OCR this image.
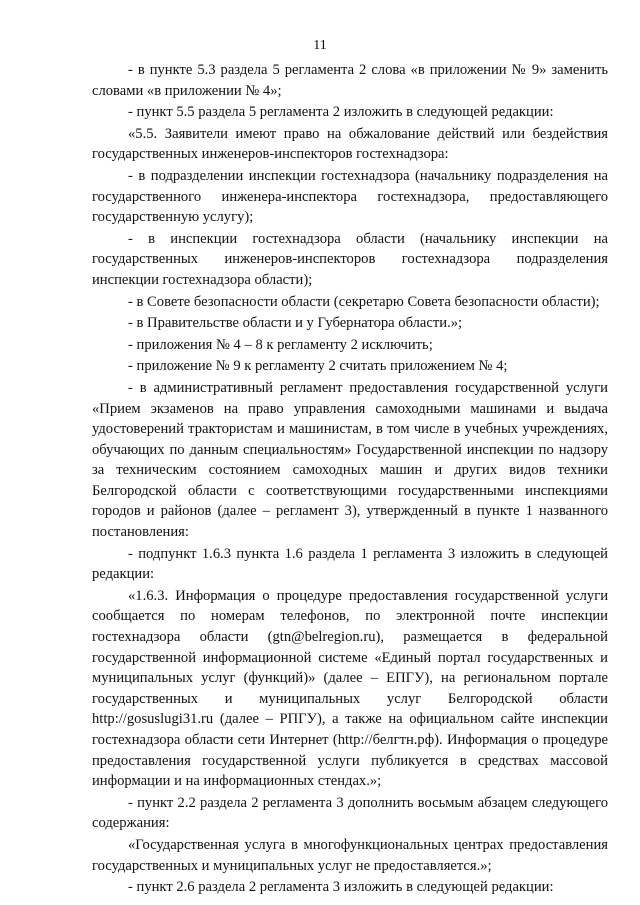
11

- в пункте 5.3 раздела 5 регламента 2 слова «в приложении № 9» заменить словами «в приложении № 4»;

- пункт 5.5 раздела 5 регламента 2 изложить в следующей редакции:

«5.5. Заявители имеют право на обжалование действий или бездействия государственных инженеров-инспекторов гостехнадзора:

- в подразделении инспекции гостехнадзора (начальнику подразделения на государственного инженера-инспектора гостехнадзора, предоставляющего государственную услугу);

- в инспекции гостехнадзора области (начальнику инспекции на государственных инженеров-инспекторов гостехнадзора подразделения инспекции гостехнадзора области);

- в Совете безопасности области (секретарю Совета безопасности области);

- в Правительстве области и у Губернатора области.»;

- приложения № 4 – 8 к регламенту 2 исключить;

- приложение № 9 к регламенту 2 считать приложением № 4;

- в административный регламент предоставления государственной услуги «Прием экзаменов на право управления самоходными машинами и выдача удостоверений трактористам и машинистам, в том числе в учебных учреждениях, обучающих по данным специальностям» Государственной инспекции по надзору за техническим состоянием самоходных машин и других видов техники Белгородской области с соответствующими государственными инспекциями городов и районов (далее – регламент 3), утвержденный в пункте 1 названного постановления:

- подпункт 1.6.3 пункта 1.6 раздела 1 регламента 3 изложить в следующей редакции:

«1.6.3. Информация о процедуре предоставления государственной услуги сообщается по номерам телефонов, по электронной почте инспекции гостехнадзора области (gtn@belregion.ru), размещается в федеральной государственной информационной системе «Единый портал государственных и муниципальных услуг (функций)» (далее – ЕПГУ), на региональном портале государственных и муниципальных услуг Белгородской области http://gosuslugi31.ru (далее – РПГУ), а также на официальном сайте инспекции гостехнадзора области сети Интернет (http://белгтн.рф). Информация о процедуре предоставления государственной услуги публикуется в средствах массовой информации и на информационных стендах.»;

- пункт 2.2 раздела 2 регламента 3 дополнить восьмым абзацем следующего содержания:

«Государственная услуга в многофункциональных центрах предоставления государственных и муниципальных услуг не предоставляется.»;

- пункт 2.6 раздела 2 регламента 3 изложить в следующей редакции:
